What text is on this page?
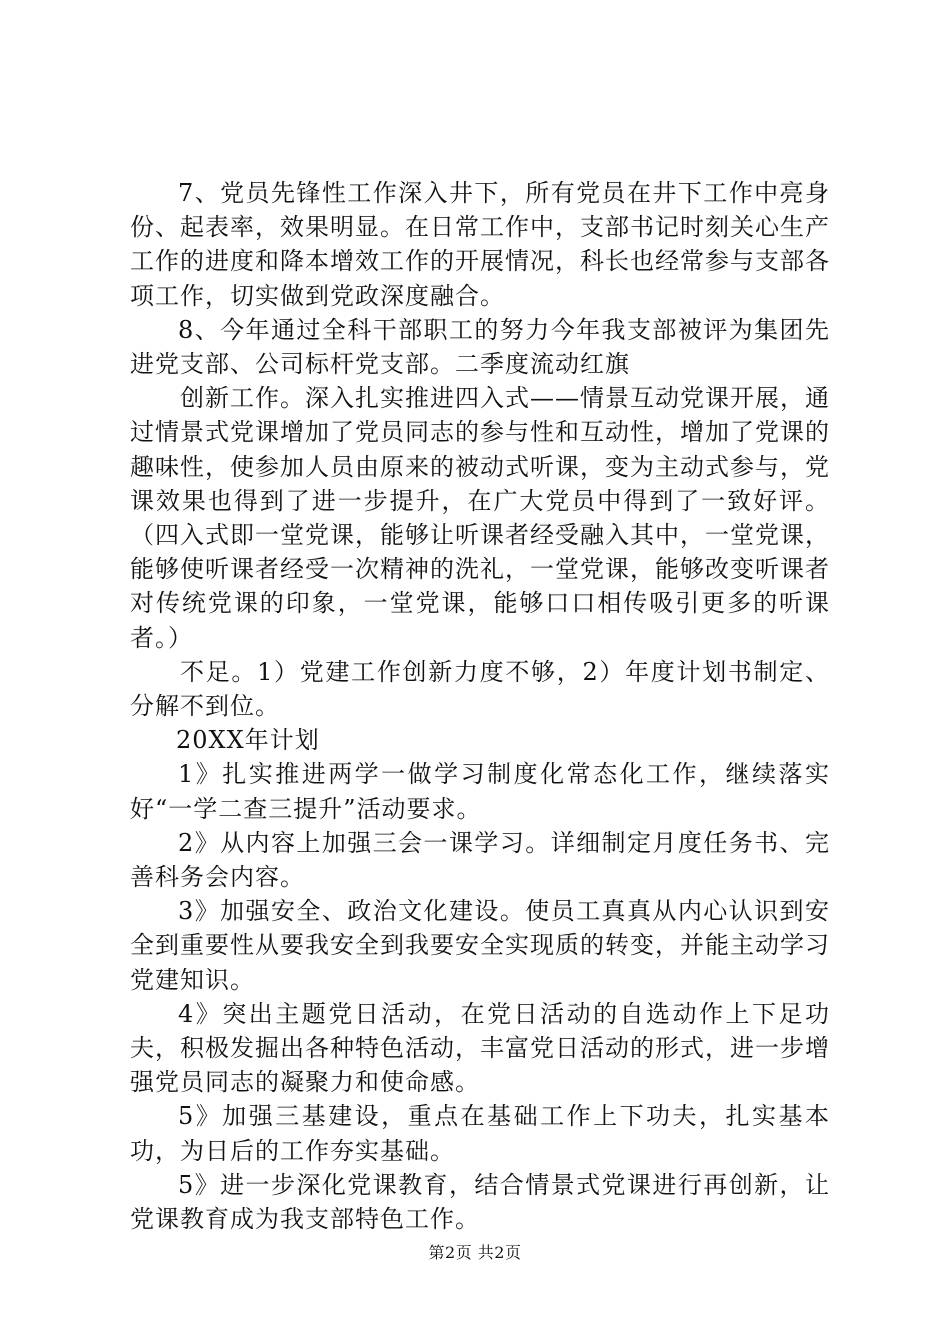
7、党员先锋性工作深入井下，所有党员在井下工作中亮身份、起表率，效果明显。在日常工作中，支部书记时刻关心生产工作的进度和降本增效工作的开展情况，科长也经常参与支部各项工作，切实做到党政深度融合。

8、今年通过全科干部职工的努力今年我支部被评为集团先进党支部、公司标杆党支部。二季度流动红旗

创新工作。深入扎实推进四入式——情景互动党课开展，通过情景式党课增加了党员同志的参与性和互动性，增加了党课的趣味性，使参加人员由原来的被动式听课，变为主动式参与，党课效果也得到了进一步提升，在广大党员中得到了一致好评。（四入式即一堂党课，能够让听课者经受融入其中，一堂党课，能够使听课者经受一次精神的洗礼，一堂党课，能够改变听课者对传统党课的印象，一堂党课，能够口口相传吸引更多的听课者。）

不足。1）党建工作创新力度不够，2）年度计划书制定、分解不到位。

20XX年计划

1》扎实推进两学一做学习制度化常态化工作，继续落实好“一学二查三提升”活动要求。

2》从内容上加强三会一课学习。详细制定月度任务书、完善科务会内容。

3》加强安全、政治文化建设。使员工真真从内心认识到安全到重要性从要我安全到我要安全实现质的转变，并能主动学习党建知识。

4》突出主题党日活动，在党日活动的自选动作上下足功夫，积极发掘出各种特色活动，丰富党日活动的形式，进一步增强党员同志的凝聚力和使命感。

5》加强三基建设，重点在基础工作上下功夫，扎实基本功，为日后的工作夯实基础。

5》进一步深化党课教育，结合情景式党课进行再创新，让党课教育成为我支部特色工作。

第2页 共2页
